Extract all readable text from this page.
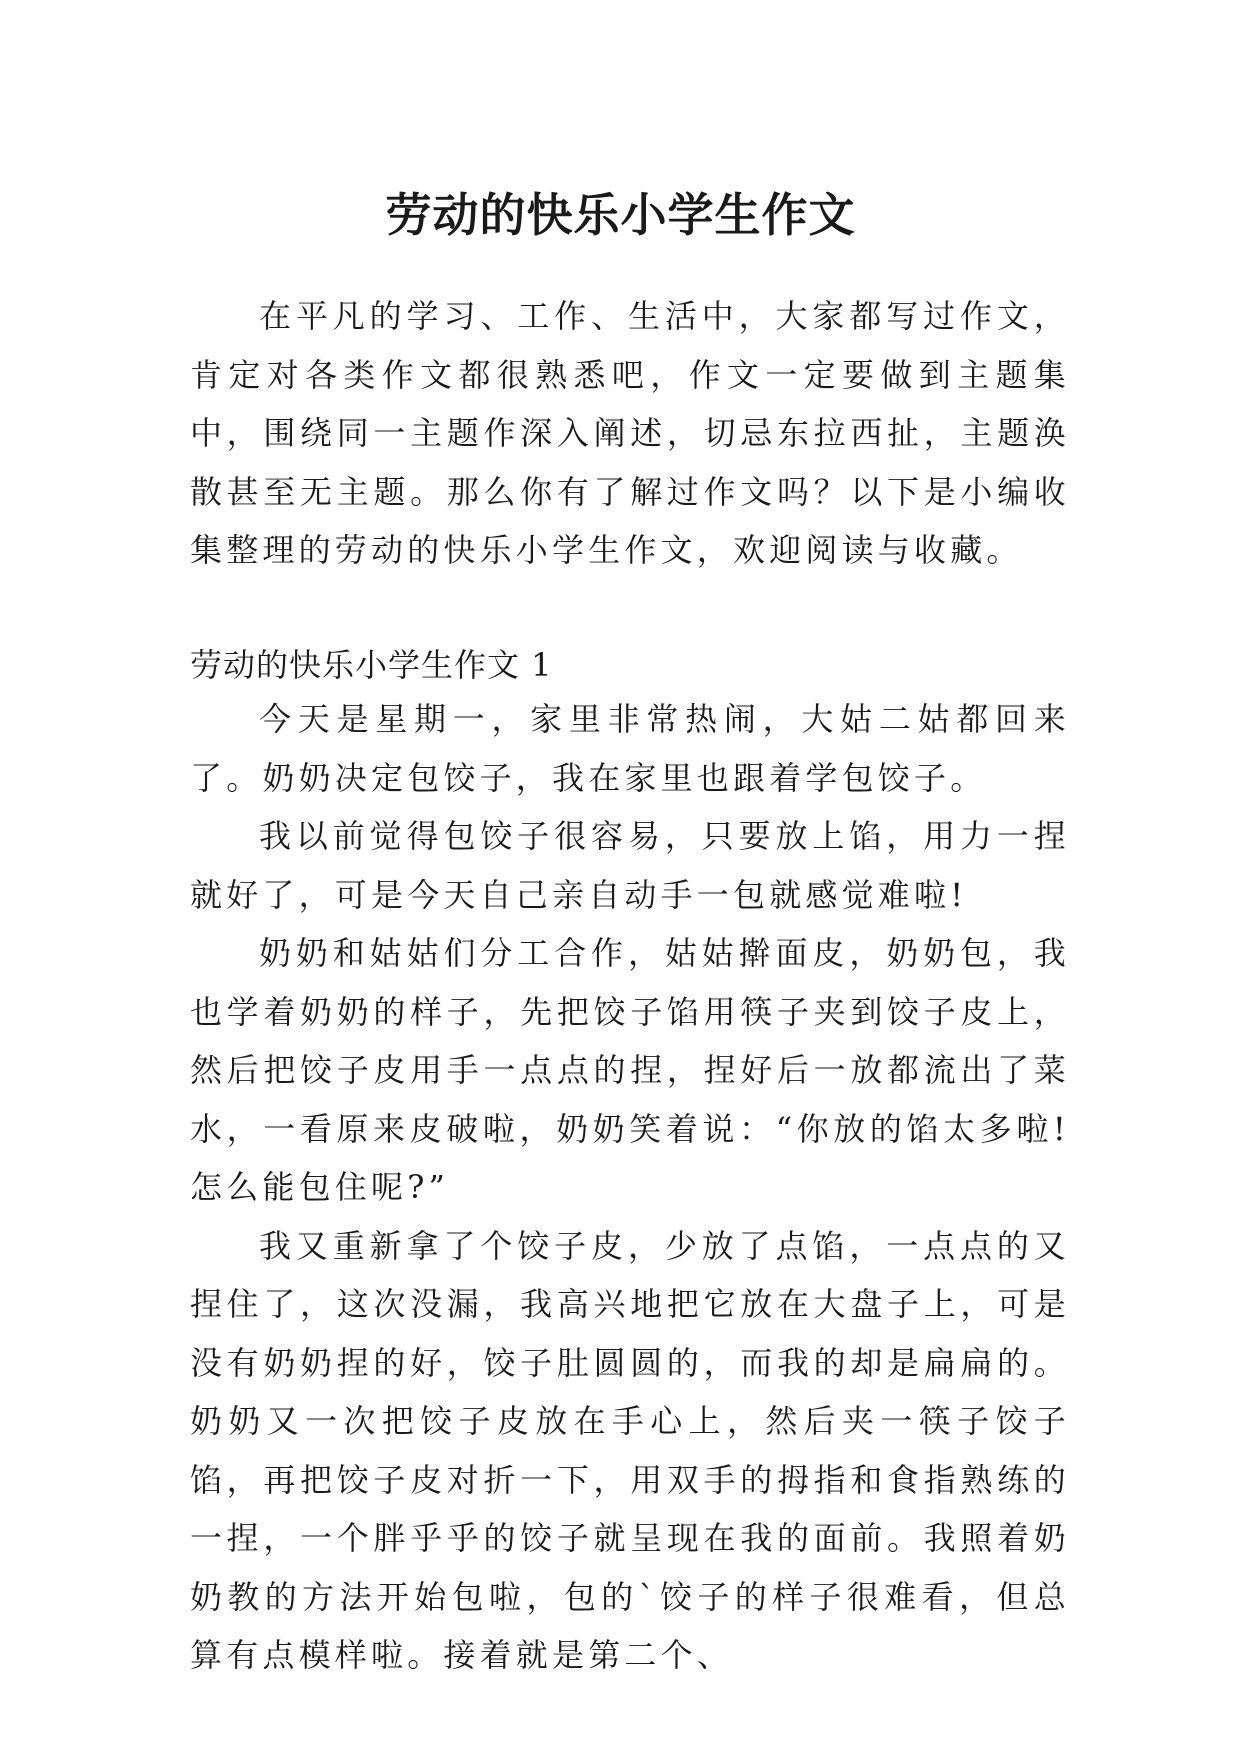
劳动的快乐小学生作文

在平凡的学习、工作、生活中，大家都写过作文，肯定对各类作文都很熟悉吧，作文一定要做到主题集中，围绕同一主题作深入阐述，切忌东拉西扯，主题涣散甚至无主题。那么你有了解过作文吗？以下是小编收集整理的劳动的快乐小学生作文，欢迎阅读与收藏。

劳动的快乐小学生作文 1

今天是星期一，家里非常热闹，大姑二姑都回来了。奶奶决定包饺子，我在家里也跟着学包饺子。

我以前觉得包饺子很容易，只要放上馅，用力一捏就好了，可是今天自己亲自动手一包就感觉难啦!

奶奶和姑姑们分工合作，姑姑擀面皮，奶奶包，我也学着奶奶的样子，先把饺子馅用筷子夹到饺子皮上，然后把饺子皮用手一点点的捏，捏好后一放都流出了菜水，一看原来皮破啦，奶奶笑着说：“你放的馅太多啦!怎么能包住呢?”

我又重新拿了个饺子皮，少放了点馅，一点点的又捏住了，这次没漏，我高兴地把它放在大盘子上，可是没有奶奶捏的好，饺子肚圆圆的，而我的却是扁扁的。奶奶又一次把饺子皮放在手心上，然后夹一筷子饺子馅，再把饺子皮对折一下，用双手的拇指和食指熟练的一捏，一个胖乎乎的饺子就呈现在我的面前。我照着奶奶教的方法开始包啦，包的`饺子的样子很难看，但总算有点模样啦。接着就是第二个、
